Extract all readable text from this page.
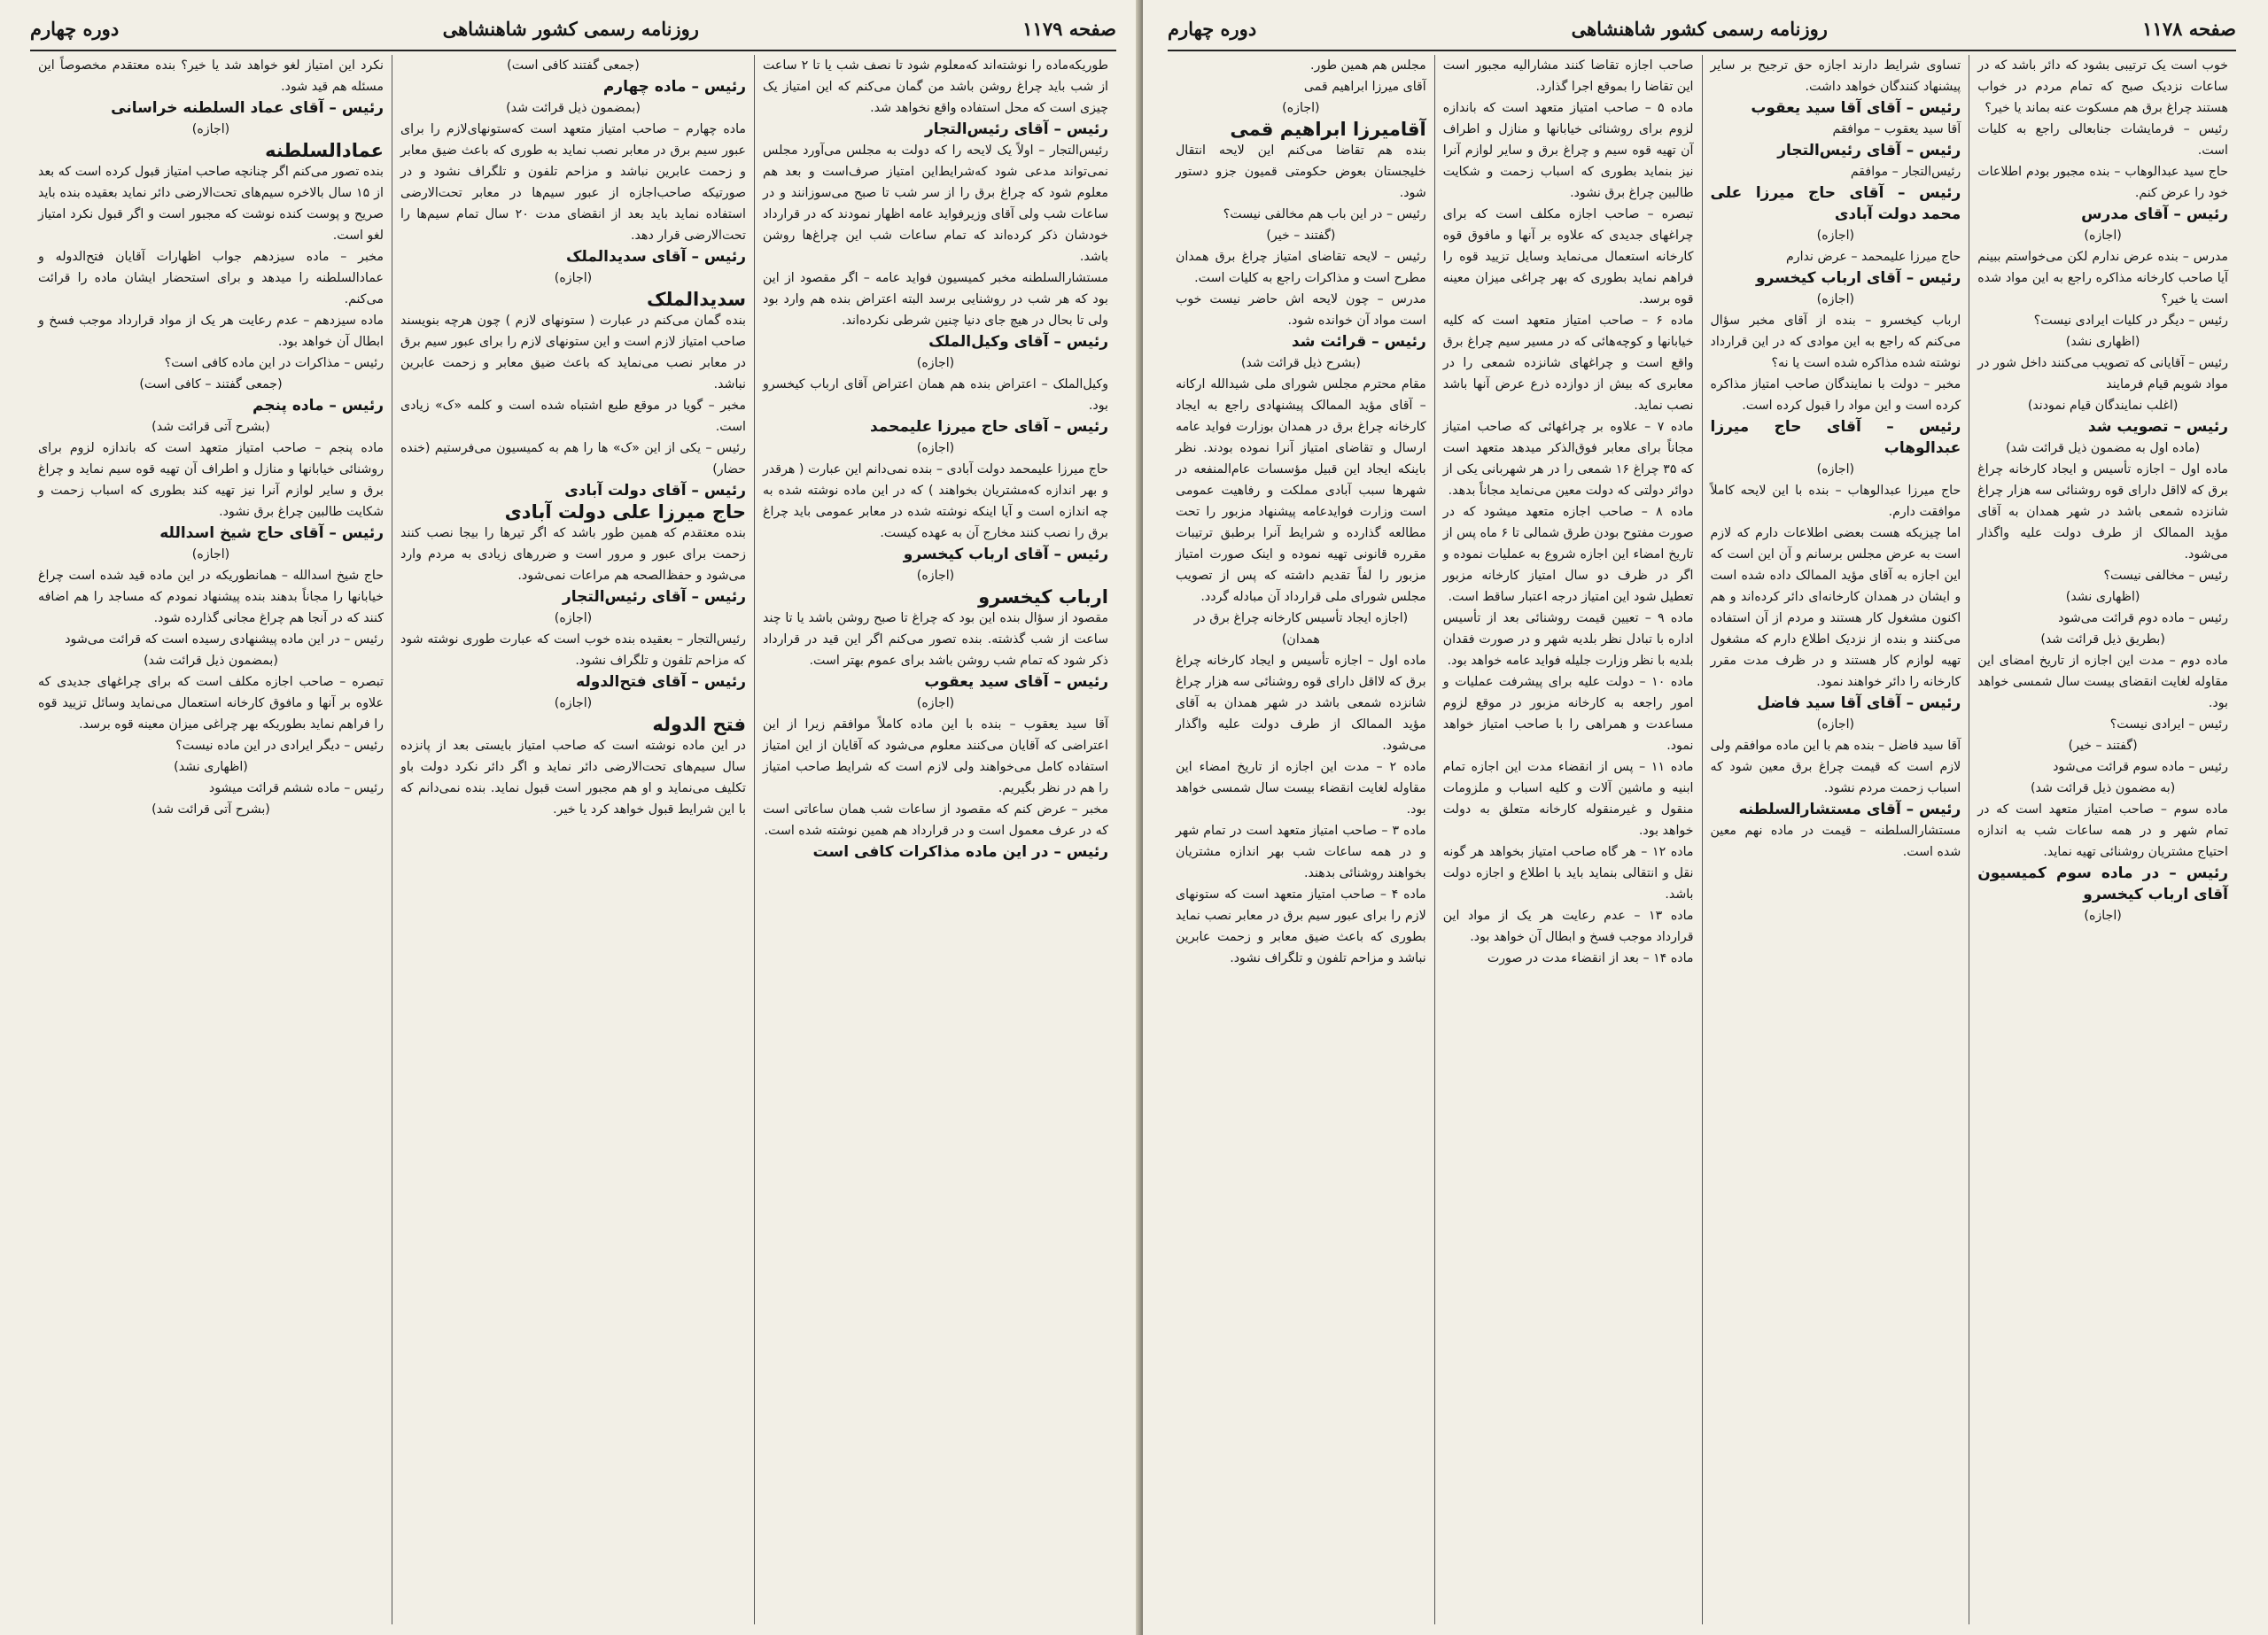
صفحه ۱۱۷۹
روزنامه رسمی کشور شاهنشاهی
دوره چهارم

طوریکه‌ماده را نوشته‌اند که‌معلوم شود تا نصف شب یا تا ۲ ساعت از شب باید چراغ روشن باشد من گمان می‌کنم که این امتیاز یک چیزی است که محل استفاده واقع نخواهد شد.

رئیس – آقای رئیس‌التجار

رئیس‌التجار – اولاً یک لایحه را که دولت به مجلس می‌آورد مجلس نمی‌تواند مدعی شود که‌شرایط‌این امتیاز صرف‌است و بعد هم معلوم شود که چراغ برق را از سر شب تا صبح می‌سوزانند و در ساعات شب ولی آقای وزیرفواید عامه اظهار نمودند که در قرارداد خودشان ذکر کرده‌اند که تمام ساعات شب این چراغ‌ها روشن باشد.

مستشارالسلطنه مخبر کمیسیون فواید عامه – اگر مقصود از این بود که هر شب در روشنایی برسد البته اعتراض بنده هم وارد بود ولی تا بحال در هیچ جای دنیا چنین شرطی نکرده‌اند.

رئیس – آقای وکیل‌الملک

(اجازه)

وکیل‌الملک – اعتراض بنده هم همان اعتراض آقای ارباب کیخسرو بود.

رئیس – آقای حاج میرزا علیمحمد

(اجازه)

حاج میرزا علیمحمد دولت آبادی – بنده نمی‌دانم این عبارت ( هرقدر و بهر اندازه که‌مشتریان بخواهند ) که در این ماده نوشته شده به چه اندازه است و آیا اینکه نوشته شده در معابر عمومی باید چراغ برق را نصب کنند مخارج آن به عهده کیست.

رئیس – آقای ارباب کیخسرو

(اجازه)

ارباب کیخسرو

مقصود از سؤال بنده این بود که چراغ تا صبح روشن باشد یا تا چند ساعت از شب گذشته. بنده تصور می‌کنم اگر این قید در قرارداد ذکر شود که تمام شب روشن باشد برای عموم بهتر است.

رئیس – آقای سید یعقوب

(اجازه)

آقا سید یعقوب – بنده با این ماده کاملاً موافقم زیرا از این اعتراضی که آقایان می‌کنند معلوم می‌شود که آقایان از این امتیاز استفاده کامل می‌خواهند ولی لازم است که شرایط صاحب امتیاز را هم در نظر بگیریم.

مخبر – عرض کنم که مقصود از ساعات شب همان ساعاتی است که در عرف معمول است و در قرارداد هم همین نوشته شده است.

رئیس – در این ماده مذاکرات کافی است

(جمعی گفتند کافی است)

رئیس – ماده چهارم

(بمضمون ذیل قرائت شد)

ماده چهارم – صاحب امتیاز متعهد است که‌ستونهای‌لازم را برای عبور سیم برق در معابر نصب نماید به طوری که باعث ضیق معابر و زحمت عابرین نباشد و مزاحم تلفون و تلگراف نشود و در صورتیکه صاحب‌اجازه از عبور سیم‌ها در معابر تحت‌الارضی استفاده نماید باید بعد از انقضای مدت ۲۰ سال تمام سیم‌ها را تحت‌الارضی قرار دهد.

رئیس – آقای سدیدالملک

(اجازه)

سدیدالملک

بنده گمان می‌کنم در عبارت ( ستونهای لازم ) چون هرچه بنویسند صاحب امتیاز لازم است و این ستونهای لازم را برای عبور سیم برق در معابر نصب می‌نماید که باعث ضیق معابر و زحمت عابرین نباشد.

مخبر – گویا در موقع طبع اشتباه شده است و کلمه «ک» زیادی است.

رئیس – یکی از این «ک» ها را هم به کمیسیون می‌فرستیم (خنده حضار)

رئیس – آقای دولت آبادی

حاج میرزا علی دولت آبادی

بنده معتقدم که همین طور باشد که اگر تیرها را بیجا نصب کنند زحمت برای عبور و مرور است و ضررهای زیادی به مردم وارد می‌شود و حفظ‌الصحه هم مراعات نمی‌شود.

رئیس – آقای رئیس‌التجار

(اجازه)

رئیس‌التجار – بعقیده بنده خوب است که عبارت طوری نوشته شود که مزاحم تلفون و تلگراف نشود.

رئیس – آقای فتح‌الدوله

(اجازه)

فتح الدوله

در این ماده نوشته است که صاحب امتیاز بایستی بعد از پانزده سال سیم‌های تحت‌الارضی دائر نماید و اگر دائر نکرد دولت باو تکلیف می‌نماید و او هم مجبور است قبول نماید. بنده نمی‌دانم که با این شرایط قبول خواهد کرد یا خیر.

نکرد این امتیاز لغو خواهد شد یا خیر؟ بنده معتقدم مخصوصاً این مسئله هم قید شود.

رئیس – آقای عماد السلطنه خراسانی

(اجازه)

عمادالسلطنه

بنده تصور می‌کنم اگر چنانچه صاحب امتیاز قبول کرده است که بعد از ۱۵ سال بالاخره سیم‌های تحت‌الارضی دائر نماید بعقیده بنده باید صریح و پوست کنده نوشت که مجبور است و اگر قبول نکرد امتیاز لغو است.

مخبر – ماده سیزدهم جواب اظهارات آقایان فتح‌الدوله و عمادالسلطنه را میدهد و برای استحضار ایشان ماده را قرائت می‌کنم.

ماده سیزدهم – عدم رعایت هر یک از مواد قرارداد موجب فسخ و ابطال آن خواهد بود.

رئیس – مذاکرات در این ماده کافی است؟

(جمعی گفتند – کافی است)

رئیس – ماده پنجم

(بشرح آتی قرائت شد)

ماده پنجم – صاحب امتیاز متعهد است که باندازه لزوم برای روشنائی خیابانها و منازل و اطراف آن تهیه قوه سیم نماید و چراغ برق و سایر لوازم آنرا نیز تهیه کند بطوری که اسباب زحمت و شکایت طالبین چراغ برق نشود.

رئیس – آقای حاج شیخ اسدالله

(اجازه)

حاج شیخ اسدالله – همانطوریکه در این ماده قید شده است چراغ خیابانها را مجاناً بدهند بنده پیشنهاد نمودم که مساجد را هم اضافه کنند که در آنجا هم چراغ مجانی گذارده شود.

رئیس – در این ماده پیشنهادی رسیده است که قرائت می‌شود

(بمضمون ذیل قرائت شد)

تبصره – صاحب اجازه مکلف است که برای چراغهای جدیدی که علاوه بر آنها و مافوق کارخانه استعمال می‌نماید وسائل تزیید قوه را فراهم نماید بطوریکه بهر چراغی میزان معینه قوه برسد.

رئیس – دیگر ایرادی در این ماده نیست؟

(اظهاری نشد)

رئیس – ماده ششم قرائت میشود

(بشرح آتی قرائت شد)

صفحه ۱۱۷۸
روزنامه رسمی کشور شاهنشاهی
دوره چهارم

خوب است یک ترتیبی بشود که دائر باشد که در ساعات نزدیک صبح که تمام مردم در خواب هستند چراغ برق هم مسکوت عنه بماند یا خیر؟

رئیس – فرمایشات جنابعالی راجع به کلیات است.

حاج سید عبدالوهاب – بنده مجبور بودم اطلاعات خود را عرض کنم.

رئیس – آقای مدرس

(اجازه)

مدرس – بنده عرض ندارم لکن می‌خواستم ببینم آیا صاحب کارخانه مذاکره راجع به این مواد شده است یا خیر؟

رئیس – دیگر در کلیات ایرادی نیست؟

(اظهاری نشد)

رئیس – آقایانی که تصویب می‌کنند داخل شور در مواد شویم قیام فرمایند

(اغلب نمایندگان قیام نمودند)

رئیس – تصویب شد

(ماده اول به مضمون ذیل قرائت شد)

ماده اول – اجازه تأسیس و ایجاد کارخانه چراغ برق که لااقل دارای قوه روشنائی سه هزار چراغ شانزده شمعی باشد در شهر همدان به آقای مؤید الممالک از طرف دولت علیه واگذار می‌شود.

رئیس – مخالفی نیست؟

(اظهاری نشد)

رئیس – ماده دوم قرائت می‌شود

(بطریق ذیل قرائت شد)

ماده دوم – مدت این اجازه از تاریخ امضای این مقاوله لغایت انقضای بیست سال شمسی خواهد بود.

رئیس – ایرادی نیست؟

(گفتند – خیر)

رئیس – ماده سوم قرائت می‌شود

(به مضمون ذیل قرائت شد)

ماده سوم – صاحب امتیاز متعهد است که در تمام شهر و در همه ساعات شب به اندازه احتیاج مشتریان روشنائی تهیه نماید.

رئیس – در ماده سوم کمیسیون آقای ارباب کیخسرو

(اجازه)

تساوی شرایط دارند اجازه حق ترجیح بر سایر پیشنهاد کنندگان خواهد داشت.

رئیس – آقای آقا سید یعقوب

آقا سید یعقوب – موافقم

رئیس – آقای رئیس‌التجار

رئیس‌التجار – موافقم

رئیس – آقای حاج میرزا علی محمد دولت آبادی

(اجازه)

حاج میرزا علیمحمد – عرض ندارم

رئیس – آقای ارباب کیخسرو

(اجازه)

ارباب کیخسرو – بنده از آقای مخبر سؤال می‌کنم که راجع به این موادی که در این قرارداد نوشته شده مذاکره شده است یا نه؟

مخبر – دولت با نمایندگان صاحب امتیاز مذاکره کرده است و این مواد را قبول کرده است.

رئیس – آقای حاج میرزا عبدالوهاب

(اجازه)

حاج میرزا عبدالوهاب – بنده با این لایحه کاملاً موافقت دارم.

اما چیزیکه هست بعضی اطلاعات دارم که لازم است به عرض مجلس برسانم و آن این است که این اجازه به آقای مؤید الممالک داده شده است و ایشان در همدان کارخانه‌ای دائر کرده‌اند و هم اکنون مشغول کار هستند و مردم از آن استفاده می‌کنند و بنده از نزدیک اطلاع دارم که مشغول تهیه لوازم کار هستند و در ظرف مدت مقرر کارخانه را دائر خواهند نمود.

رئیس – آقای آقا سید فاضل

(اجازه)

آقا سید فاضل – بنده هم با این ماده موافقم ولی لازم است که قیمت چراغ برق معین شود که اسباب زحمت مردم نشود.

رئیس – آقای مستشارالسلطنه

مستشارالسلطنه – قیمت در ماده نهم معین شده است.

صاحب اجازه تقاضا کنند مشارالیه مجبور است این تقاضا را بموقع اجرا گذارد.

ماده ۵ – صاحب امتیاز متعهد است که باندازه لزوم برای روشنائی خیابانها و منازل و اطراف آن تهیه قوه سیم و چراغ برق و سایر لوازم آنرا نیز بنماید بطوری که اسباب زحمت و شکایت طالبین چراغ برق نشود.

تبصره – صاحب اجازه مکلف است که برای چراغهای جدیدی که علاوه بر آنها و مافوق قوه کارخانه استعمال می‌نماید وسایل تزیید قوه را فراهم نماید بطوری که بهر چراغی میزان معینه قوه برسد.

ماده ۶ – صاحب امتیاز متعهد است که کلیه خیابانها و کوچه‌هائی که در مسیر سیم چراغ برق واقع است و چراغهای شانزده شمعی را در معابری که بیش از دوازده ذرع عرض آنها باشد نصب نماید.

ماده ۷ – علاوه بر چراغهائی که صاحب امتیاز مجاناً برای معابر فوق‌الذکر میدهد متعهد است که ۳۵ چراغ ۱۶ شمعی را در هر شهربانی یکی از دوائر دولتی که دولت معین می‌نماید مجاناً بدهد.

ماده ۸ – صاحب اجازه متعهد میشود که در صورت مفتوح بودن طرق شمالی تا ۶ ماه پس از تاریخ امضاء این اجازه شروع به عملیات نموده و اگر در ظرف دو سال امتیاز کارخانه مزبور تعطیل شود این امتیاز درجه اعتبار ساقط است.

ماده ۹ – تعیین قیمت روشنائی بعد از تأسیس اداره با تبادل نظر بلدیه شهر و در صورت فقدان بلدیه با نظر وزارت جلیله فواید عامه خواهد بود.

ماده ۱۰ – دولت علیه برای پیشرفت عملیات و امور راجعه به کارخانه مزبور در موقع لزوم مساعدت و همراهی را با صاحب امتیاز خواهد نمود.

ماده ۱۱ – پس از انقضاء مدت این اجازه تمام ابنیه و ماشین آلات و کلیه اسباب و ملزومات منقول و غیرمنقوله کارخانه متعلق به دولت خواهد بود.

ماده ۱۲ – هر گاه صاحب امتیاز بخواهد هر گونه نقل و انتقالی بنماید باید با اطلاع و اجازه دولت باشد.

ماده ۱۳ – عدم رعایت هر یک از مواد این قرارداد موجب فسخ و ابطال آن خواهد بود.

ماده ۱۴ – بعد از انقضاء مدت در صورت

مجلس هم همین طور.

آقای میرزا ابراهیم قمی

(اجازه)

آقامیرزا ابراهیم قمی

بنده هم تقاضا می‌کنم این لایحه انتقال خلیجستان بعوض حکومتی قمیون جزو دستور شود.

رئیس – در این باب هم مخالفی نیست؟

(گفتند – خیر)

رئیس – لایحه تقاضای امتیاز چراغ برق همدان مطرح است و مذاکرات راجع به کلیات است.

مدرس – چون لایحه اش حاضر نیست خوب است مواد آن خوانده شود.

رئیس – قرائت شد

(بشرح ذیل قرائت شد)

مقام محترم مجلس شورای ملی شیدالله ارکانه – آقای مؤید الممالک پیشنهادی راجع به ایجاد کارخانه چراغ برق در همدان بوزارت فواید عامه ارسال و تقاضای امتیاز آنرا نموده بودند. نظر باینکه ایجاد این قبیل مؤسسات عام‌المنفعه در شهرها سبب آبادی مملکت و رفاهیت عمومی است وزارت فوایدعامه پیشنهاد مزبور را تحت مطالعه گذارده و شرایط آنرا برطبق ترتیبات مقرره قانونی تهیه نموده و اینک صورت امتیاز مزبور را لفاً تقدیم داشته که پس از تصویب مجلس شورای ملی قرارداد آن مبادله گردد.

(اجازه ایجاد تأسیس کارخانه چراغ برق در همدان)

ماده اول – اجازه تأسیس و ایجاد کارخانه چراغ برق که لااقل دارای قوه روشنائی سه هزار چراغ شانزده شمعی باشد در شهر همدان به آقای مؤید الممالک از طرف دولت علیه واگذار می‌شود.

ماده ۲ – مدت این اجازه از تاریخ امضاء این مقاوله لغایت انقضاء بیست سال شمسی خواهد بود.

ماده ۳ – صاحب امتیاز متعهد است در تمام شهر و در همه ساعات شب بهر اندازه مشتریان بخواهند روشنائی بدهند.

ماده ۴ – صاحب امتیاز متعهد است که ستونهای لازم را برای عبور سیم برق در معابر نصب نماید بطوری که باعث ضیق معابر و زحمت عابرین نباشد و مزاحم تلفون و تلگراف نشود.
